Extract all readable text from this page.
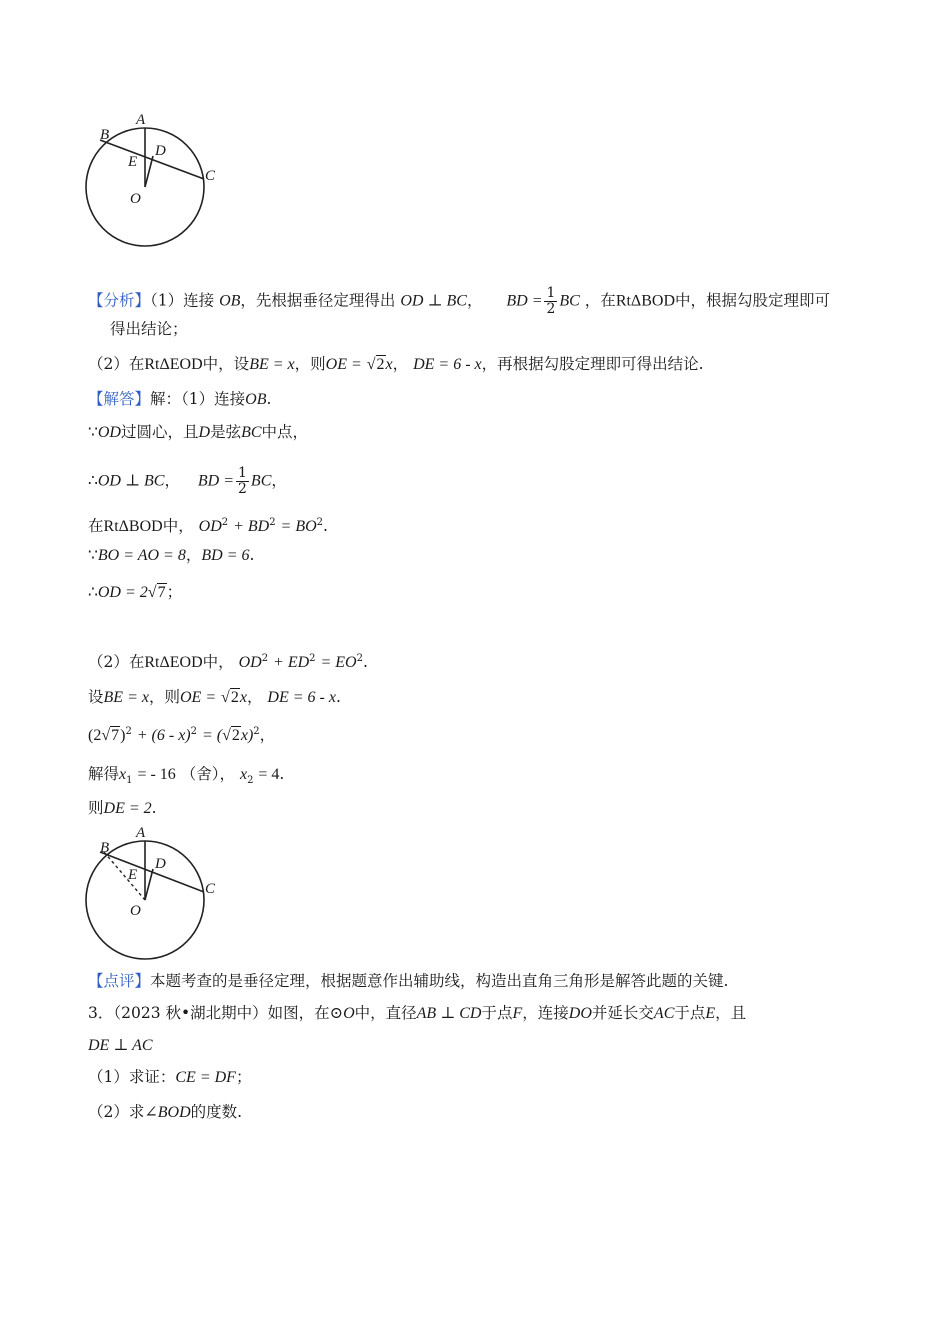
A
B
E
D
C
O
【分析】（1）连接 OB，先根据垂径定理得出 OD ⊥ BC， BD = $\frac{1}{2}$ BC ，在RtΔBOD中，根据勾股定理即可
得出结论；
（2）在RtΔEOD中，设BE = x，则OE = √2x， DE = 6 - x，再根据勾股定理即可得出结论.
【解答】解：（1）连接OB.
∵OD过圆心，且D是弦BC中点，
∴OD ⊥ BC， BD = $\frac{1}{2}$ BC，
在RtΔBOD中， $OD^2 + BD^2 = BO^2$.
∵BO = AO = 8，BD = 6.
∴OD = 2√7；
（2）在RtΔEOD中， $OD^2 + ED^2 = EO^2$.
设BE = x，则OE = √2x， DE = 6 - x.
$(2√7)^2 + (6 - x)^2 = (√2x)^2$，
解得$x_1$ = - 16 （舍）， $x_2 = 4$.
则DE = 2.
A
B
E
D
C
O
【点评】本题考查的是垂径定理，根据题意作出辅助线，构造出直角三角形是解答此题的关键.
3．（2023 秋•湖北期中）如图，在⊙O中，直径AB ⊥ CD于点F，连接DO并延长交AC于点E，且
DE ⊥ AC
（1）求证：CE = DF；
（2）求∠BOD的度数.
